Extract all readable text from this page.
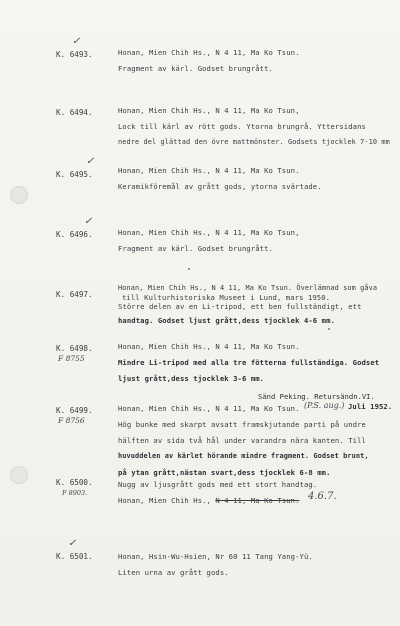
✓
K. 6493.	Honan, Mien Chih Hs., N 4 11, Ma Ko Tsun.
Fragment av kärl. Godset brungrått.
K. 6494.	Honan, Mien Chih Hs., N 4 11, Ma Ko Tsun,
Lock till kärl av rött gods. Ytorna brungrå. Yttersidans
nedre del glättad den övre mattmönster. Godsets tjocklek 7-10 mm
✓
K. 6495.	Honan, Mien Chih Hs., N 4 11, Ma Ko Tsun.
Keramikföremål av grått gods, ytorna svärtade.
✓
K. 6496.	Honan, Mien Chih Hs., N 4 11, Ma Ko Tsun,
Fragment av kärl. Godset brungrått.
K. 6497.
Honan, Mien Chih Hs., N 4 11, Ma Ko Tsun. Överlämnad som gåva
till Kulturhistoriska Museet i Lund, mars 1950.
Större delen av en Li-tripod, ett ben fullständigt, ett
handtag. Godset ljust grått,dess tjocklek 4-6 mm.
K. 6498.
F 8755
Honan, Mien Chih Hs., N 4 11, Ma Ko Tsun.
Mindre Li-tripod med alla tre fötterna fullständiga. Godset
ljust grått,dess tjocklek 3-6 mm.
Sänd Peking. Retursändn.VI.
K. 6499.
F 8756
Honan, Mien Chih Hs., N 4 11, Ma Ko Tsun. (P.S. aug.) Juli 1952.
Hög bunke med skarpt avsatt framskjutande parti på undre
hälften av sida två hål under varandra nära kanten. Till
huvuddelen av kärlet hörande mindre fragment. Godset brunt,
på ytan grått,nästan svart,dess tjocklek 6-8 mm.
K. 6500.
F 8903.
Nugg av ljusgrått gods med ett stort handtag.
Honan, Mien Chih Hs., N 4 11, Ma Ko Tsun. 4.6.7.
✓
K. 6501.	Honan, Hsin-Wu-Hsien, Nr 60 11 Tang Yang-Yü.
Liten urna av grått gods.
